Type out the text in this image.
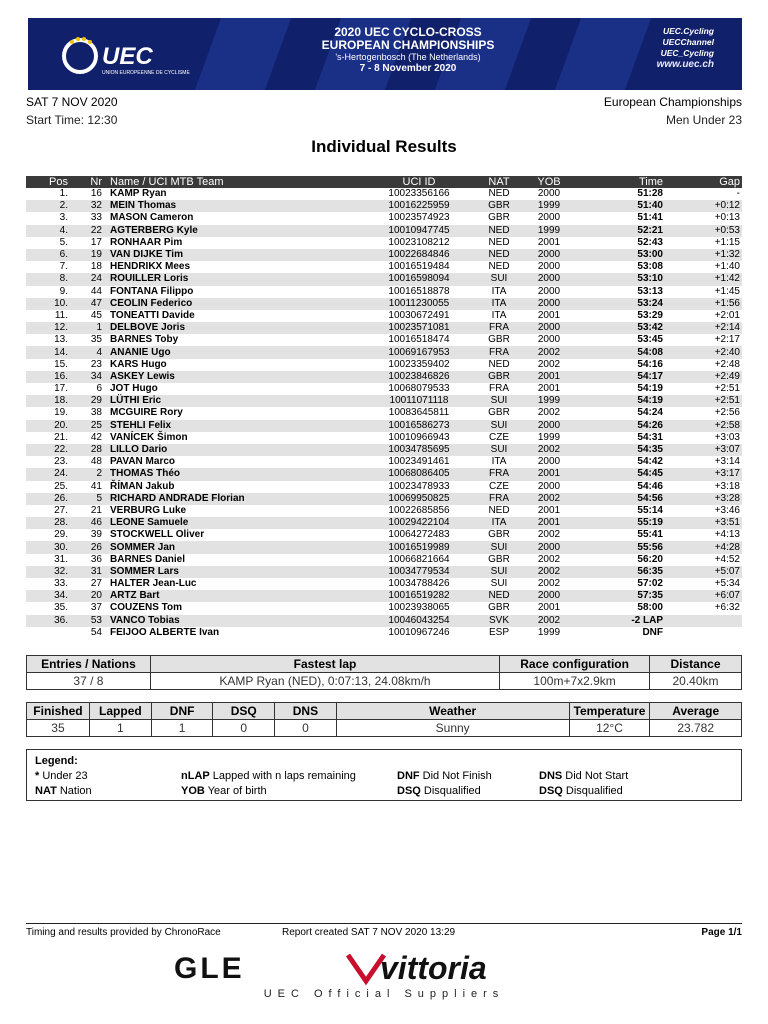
UEC
UNION EUROPEENNE DE CYCLISME
2020 UEC CYCLO-CROSS
EUROPEAN CHAMPIONSHIPS
's-Hertogenbosch (The Netherlands)
7 - 8 November 2020
UEC.Cycling
UECChannel
UEC_Cycling
www.uec.ch
SAT 7 NOV 2020
Start Time: 12:30
European Championships
Men Under 23
Individual Results
Pos	Nr	Name / UCI MTB Team	UCI ID	NAT	YOB	Time	Gap
1.	16	KAMP Ryan	10023356166	NED	2000	51:28	-
2.	32	MEIN Thomas	10016225959	GBR	1999	51:40	+0:12
3.	33	MASON Cameron	10023574923	GBR	2000	51:41	+0:13
4.	22	AGTERBERG Kyle	10010947745	NED	1999	52:21	+0:53
5.	17	RONHAAR Pim	10023108212	NED	2001	52:43	+1:15
6.	19	VAN DIJKE Tim	10022684846	NED	2000	53:00	+1:32
7.	18	HENDRIKX Mees	10016519484	NED	2000	53:08	+1:40
8.	24	ROUILLER Loris	10016598094	SUI	2000	53:10	+1:42
9.	44	FONTANA Filippo	10016518878	ITA	2000	53:13	+1:45
10.	47	CEOLIN Federico	10011230055	ITA	2000	53:24	+1:56
11.	45	TONEATTI Davide	10030672491	ITA	2001	53:29	+2:01
12.	1	DELBOVE Joris	10023571081	FRA	2000	53:42	+2:14
13.	35	BARNES Toby	10016518474	GBR	2000	53:45	+2:17
14.	4	ANANIE Ugo	10069167953	FRA	2002	54:08	+2:40
15.	23	KARS Hugo	10023359402	NED	2002	54:16	+2:48
16.	34	ASKEY Lewis	10023846826	GBR	2001	54:17	+2:49
17.	6	JOT Hugo	10068079533	FRA	2001	54:19	+2:51
18.	29	LÜTHI Eric	10011071118	SUI	1999	54:19	+2:51
19.	38	MCGUIRE Rory	10083645811	GBR	2002	54:24	+2:56
20.	25	STEHLI Felix	10016586273	SUI	2000	54:26	+2:58
21.	42	VANÍCEK Šimon	10010966943	CZE	1999	54:31	+3:03
22.	28	LILLO Dario	10034785695	SUI	2002	54:35	+3:07
23.	48	PAVAN Marco	10023491461	ITA	2000	54:42	+3:14
24.	2	THOMAS Théo	10068086405	FRA	2001	54:45	+3:17
25.	41	ŘÍMAN Jakub	10023478933	CZE	2000	54:46	+3:18
26.	5	RICHARD ANDRADE Florian	10069950825	FRA	2002	54:56	+3:28
27.	21	VERBURG Luke	10022685856	NED	2001	55:14	+3:46
28.	46	LEONE Samuele	10029422104	ITA	2001	55:19	+3:51
29.	39	STOCKWELL Oliver	10064272483	GBR	2002	55:41	+4:13
30.	26	SOMMER Jan	10016519989	SUI	2000	55:56	+4:28
31.	36	BARNES Daniel	10066821664	GBR	2002	56:20	+4:52
32.	31	SOMMER Lars	10034779534	SUI	2002	56:35	+5:07
33.	27	HALTER Jean-Luc	10034788426	SUI	2002	57:02	+5:34
34.	20	ARTZ Bart	10016519282	NED	2000	57:35	+6:07
35.	37	COUZENS Tom	10023938065	GBR	2001	58:00	+6:32
36.	53	VANCO Tobias	10046043254	SVK	2002	-2 LAP	
	54	FEIJOO ALBERTE Ivan	10010967246	ESP	1999	DNF	
Entries / Nations	Fastest lap	Race configuration	Distance
37 / 8	KAMP Ryan (NED), 0:07:13, 24.08km/h	100m+7x2.9km	20.40km
Finished	Lapped	DNF	DSQ	DNS	Weather	Temperature	Average
35	1	1	0	0	Sunny	12°C	23.782
Legend:
* Under 23	nLAP Lapped with n laps remaining	DNF Did Not Finish	DNS Did Not Start
NAT Nation	YOB Year of birth	DSQ Disqualified	DSQ Disqualified
Timing and results provided by ChronoRace	Report created SAT 7 NOV 2020 13:29	Page 1/1
GLE	vittoria
UEC Official Suppliers
